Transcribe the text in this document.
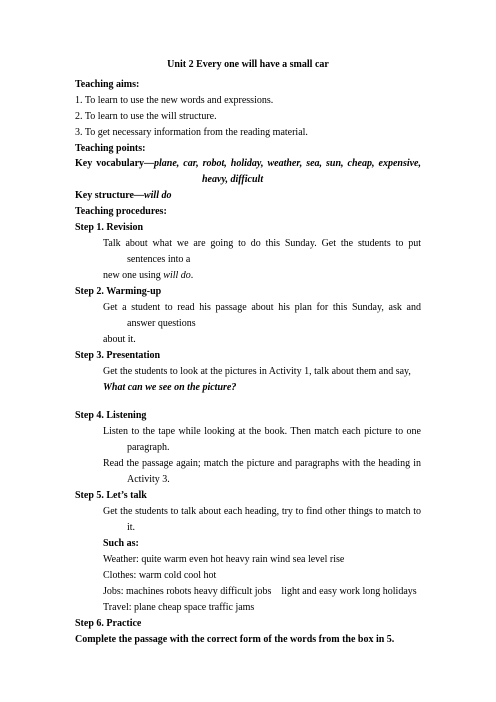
Unit 2 Every one will have a small car
Teaching aims:
1. To learn to use the new words and expressions.
2. To learn to use the will structure.
3. To get necessary information from the reading material.
Teaching points:
Key vocabulary—plane, car, robot, holiday, weather, sea, sun, cheap, expensive,
heavy, difficult
Key structure—will do
Teaching procedures:
Step 1. Revision
Talk about what we are going to do this Sunday. Get the students to put
sentences into a
new one using will do.
Step 2. Warming-up
Get a student to read his passage about his plan for this Sunday, ask and
answer questions
about it.
Step 3. Presentation
Get the students to look at the pictures in Activity 1, talk about them and say,
What can we see on the picture?
Step 4. Listening
Listen to the tape while looking at the book. Then match each picture to one
paragraph.
Read the passage again; match the picture and paragraphs with the heading in
Activity 3.
Step 5. Let’s talk
Get the students to talk about each heading, try to find other things to match to
it.
Such as:
Weather: quite warm even hot heavy rain wind sea level rise
Clothes: warm cold cool hot
Jobs: machines robots heavy difficult jobs    light and easy work long holidays
Travel: plane cheap space traffic jams
Step 6. Practice
Complete the passage with the correct form of the words from the box in 5.
